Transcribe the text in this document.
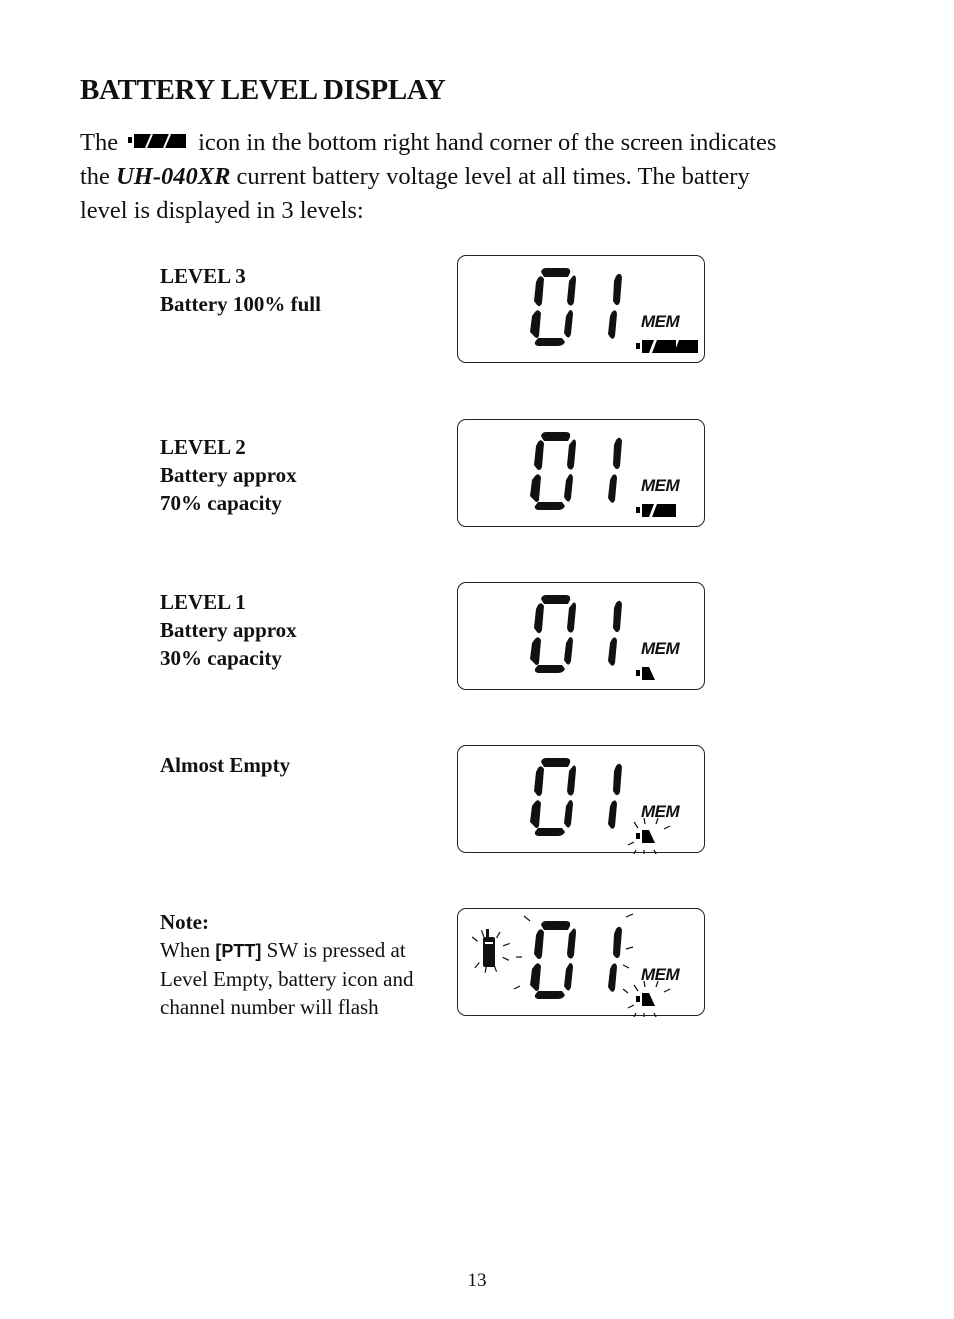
BATTERY LEVEL DISPLAY

The	icon in the bottom right hand corner of the screen indicates
the UH-040XR current battery voltage level at all times. The battery
level is displayed in 3 levels:

LEVEL 3
Battery 100% full
MEM
LEVEL 2
Battery approx
70% capacity
MEM
LEVEL 1
Battery approx
30% capacity	MEM
Almost Empty
MEM
Note:
When [PTT] SW is pressed at
Level Empty, battery icon and
channel number will flash
MEM
13
